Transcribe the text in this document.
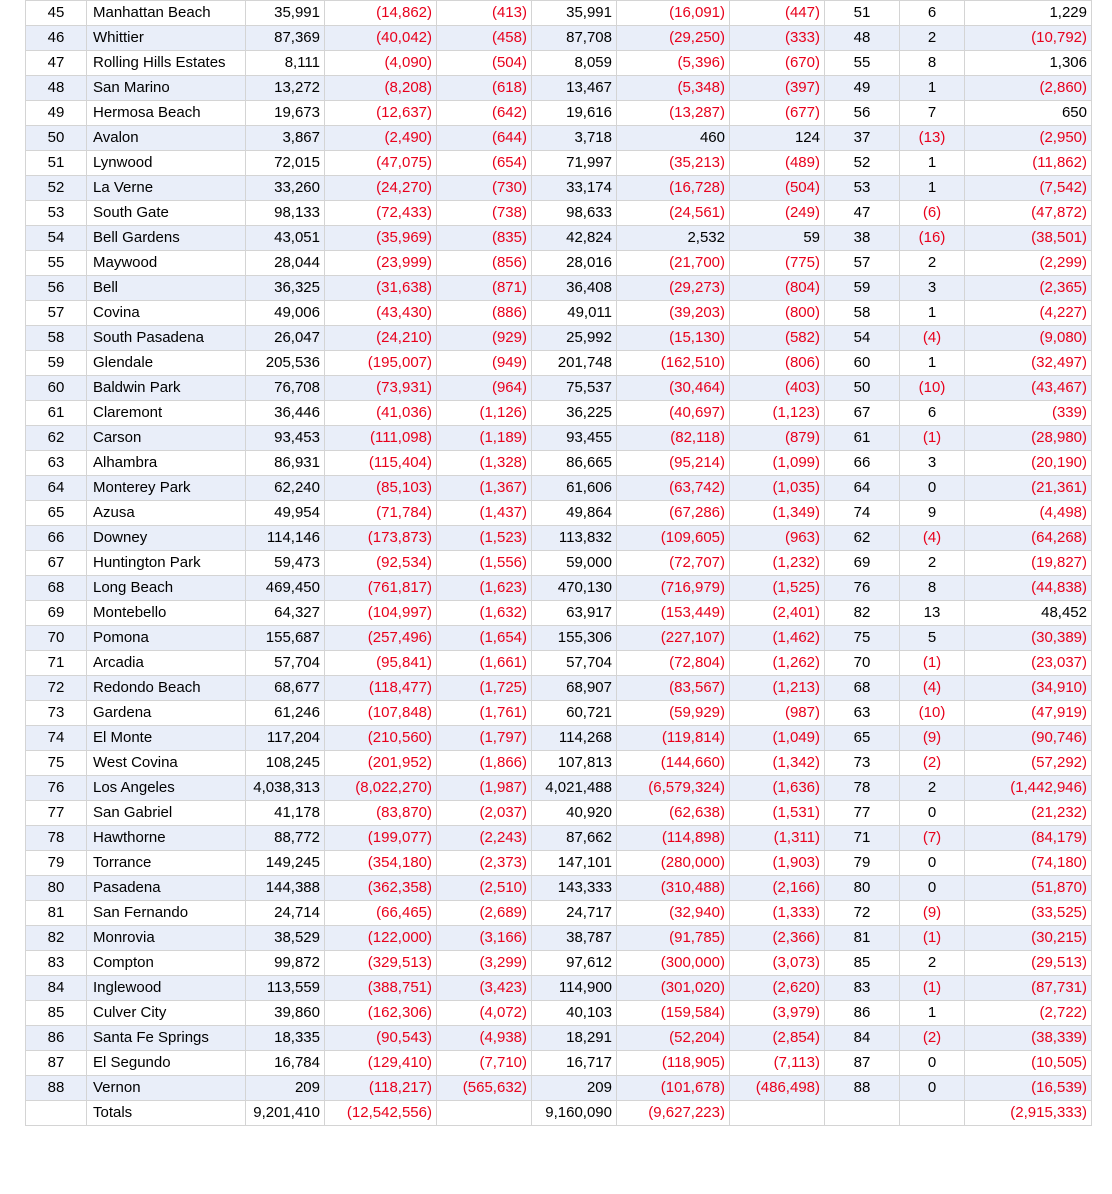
45	Manhattan Beach	35,991	(14,862)	(413)	35,991	(16,091)	(447)	51	6	1,229
46	Whittier	87,369	(40,042)	(458)	87,708	(29,250)	(333)	48	2	(10,792)
47	Rolling Hills Estates	8,111	(4,090)	(504)	8,059	(5,396)	(670)	55	8	1,306
48	San Marino	13,272	(8,208)	(618)	13,467	(5,348)	(397)	49	1	(2,860)
49	Hermosa Beach	19,673	(12,637)	(642)	19,616	(13,287)	(677)	56	7	650
50	Avalon	3,867	(2,490)	(644)	3,718	460	124	37	(13)	(2,950)
51	Lynwood	72,015	(47,075)	(654)	71,997	(35,213)	(489)	52	1	(11,862)
52	La Verne	33,260	(24,270)	(730)	33,174	(16,728)	(504)	53	1	(7,542)
53	South Gate	98,133	(72,433)	(738)	98,633	(24,561)	(249)	47	(6)	(47,872)
54	Bell Gardens	43,051	(35,969)	(835)	42,824	2,532	59	38	(16)	(38,501)
55	Maywood	28,044	(23,999)	(856)	28,016	(21,700)	(775)	57	2	(2,299)
56	Bell	36,325	(31,638)	(871)	36,408	(29,273)	(804)	59	3	(2,365)
57	Covina	49,006	(43,430)	(886)	49,011	(39,203)	(800)	58	1	(4,227)
58	South Pasadena	26,047	(24,210)	(929)	25,992	(15,130)	(582)	54	(4)	(9,080)
59	Glendale	205,536	(195,007)	(949)	201,748	(162,510)	(806)	60	1	(32,497)
60	Baldwin Park	76,708	(73,931)	(964)	75,537	(30,464)	(403)	50	(10)	(43,467)
61	Claremont	36,446	(41,036)	(1,126)	36,225	(40,697)	(1,123)	67	6	(339)
62	Carson	93,453	(111,098)	(1,189)	93,455	(82,118)	(879)	61	(1)	(28,980)
63	Alhambra	86,931	(115,404)	(1,328)	86,665	(95,214)	(1,099)	66	3	(20,190)
64	Monterey Park	62,240	(85,103)	(1,367)	61,606	(63,742)	(1,035)	64	0	(21,361)
65	Azusa	49,954	(71,784)	(1,437)	49,864	(67,286)	(1,349)	74	9	(4,498)
66	Downey	114,146	(173,873)	(1,523)	113,832	(109,605)	(963)	62	(4)	(64,268)
67	Huntington Park	59,473	(92,534)	(1,556)	59,000	(72,707)	(1,232)	69	2	(19,827)
68	Long Beach	469,450	(761,817)	(1,623)	470,130	(716,979)	(1,525)	76	8	(44,838)
69	Montebello	64,327	(104,997)	(1,632)	63,917	(153,449)	(2,401)	82	13	48,452
70	Pomona	155,687	(257,496)	(1,654)	155,306	(227,107)	(1,462)	75	5	(30,389)
71	Arcadia	57,704	(95,841)	(1,661)	57,704	(72,804)	(1,262)	70	(1)	(23,037)
72	Redondo Beach	68,677	(118,477)	(1,725)	68,907	(83,567)	(1,213)	68	(4)	(34,910)
73	Gardena	61,246	(107,848)	(1,761)	60,721	(59,929)	(987)	63	(10)	(47,919)
74	El Monte	117,204	(210,560)	(1,797)	114,268	(119,814)	(1,049)	65	(9)	(90,746)
75	West Covina	108,245	(201,952)	(1,866)	107,813	(144,660)	(1,342)	73	(2)	(57,292)
76	Los Angeles	4,038,313	(8,022,270)	(1,987)	4,021,488	(6,579,324)	(1,636)	78	2	(1,442,946)
77	San Gabriel	41,178	(83,870)	(2,037)	40,920	(62,638)	(1,531)	77	0	(21,232)
78	Hawthorne	88,772	(199,077)	(2,243)	87,662	(114,898)	(1,311)	71	(7)	(84,179)
79	Torrance	149,245	(354,180)	(2,373)	147,101	(280,000)	(1,903)	79	0	(74,180)
80	Pasadena	144,388	(362,358)	(2,510)	143,333	(310,488)	(2,166)	80	0	(51,870)
81	San Fernando	24,714	(66,465)	(2,689)	24,717	(32,940)	(1,333)	72	(9)	(33,525)
82	Monrovia	38,529	(122,000)	(3,166)	38,787	(91,785)	(2,366)	81	(1)	(30,215)
83	Compton	99,872	(329,513)	(3,299)	97,612	(300,000)	(3,073)	85	2	(29,513)
84	Inglewood	113,559	(388,751)	(3,423)	114,900	(301,020)	(2,620)	83	(1)	(87,731)
85	Culver City	39,860	(162,306)	(4,072)	40,103	(159,584)	(3,979)	86	1	(2,722)
86	Santa Fe Springs	18,335	(90,543)	(4,938)	18,291	(52,204)	(2,854)	84	(2)	(38,339)
87	El Segundo	16,784	(129,410)	(7,710)	16,717	(118,905)	(7,113)	87	0	(10,505)
88	Vernon	209	(118,217)	(565,632)	209	(101,678)	(486,498)	88	0	(16,539)
	Totals	9,201,410	(12,542,556)		9,160,090	(9,627,223)				(2,915,333)
